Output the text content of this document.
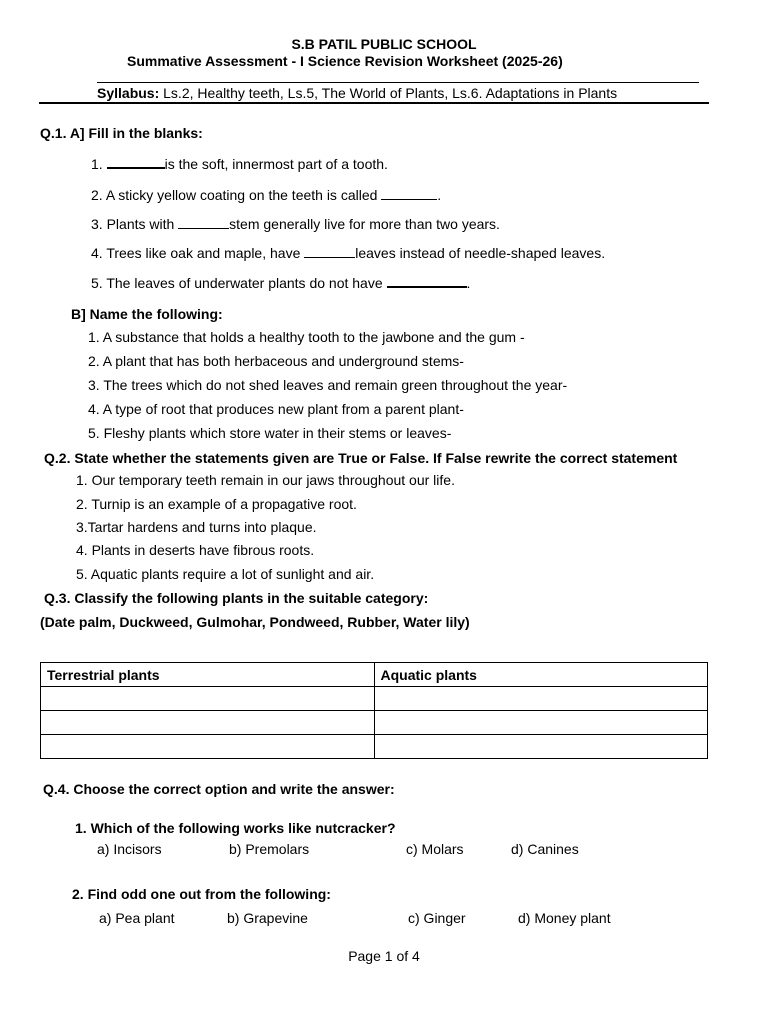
S.B PATIL PUBLIC SCHOOL
Summative Assessment - I Science Revision Worksheet (2025-26)
Syllabus: Ls.2, Healthy teeth, Ls.5, The World of Plants, Ls.6. Adaptations in Plants
Q.1. A] Fill in the blanks:
1.	is the soft, innermost part of a tooth.
2. A sticky yellow coating on the teeth is called	.
3. Plants with	stem generally live for more than two years.
4. Trees like oak and maple, have	leaves instead of needle-shaped leaves.
5. The leaves of underwater plants do not have	.
B] Name the following:
1. A substance that holds a healthy tooth to the jawbone and the gum -
2. A plant that has both herbaceous and underground stems-
3. The trees which do not shed leaves and remain green throughout the year-
4. A type of root that produces new plant from a parent plant-
5. Fleshy plants which store water in their stems or leaves-
Q.2. State whether the statements given are True or False. If False rewrite the correct statement
1. Our temporary teeth remain in our jaws throughout our life.
2. Turnip is an example of a propagative root.
3.Tartar hardens and turns into plaque.
4. Plants in deserts have fibrous roots.
5. Aquatic plants require a lot of sunlight and air.
Q.3. Classify the following plants in the suitable category:
(Date palm, Duckweed, Gulmohar, Pondweed, Rubber, Water lily)
Terrestrial plants	Aquatic plants

Q.4. Choose the correct option and write the answer:
1. Which of the following works like nutcracker?
a) Incisors	b) Premolars	c) Molars	d) Canines
2. Find odd one out from the following:
a) Pea plant	b) Grapevine	c) Ginger	d) Money plant
Page 1 of 4
